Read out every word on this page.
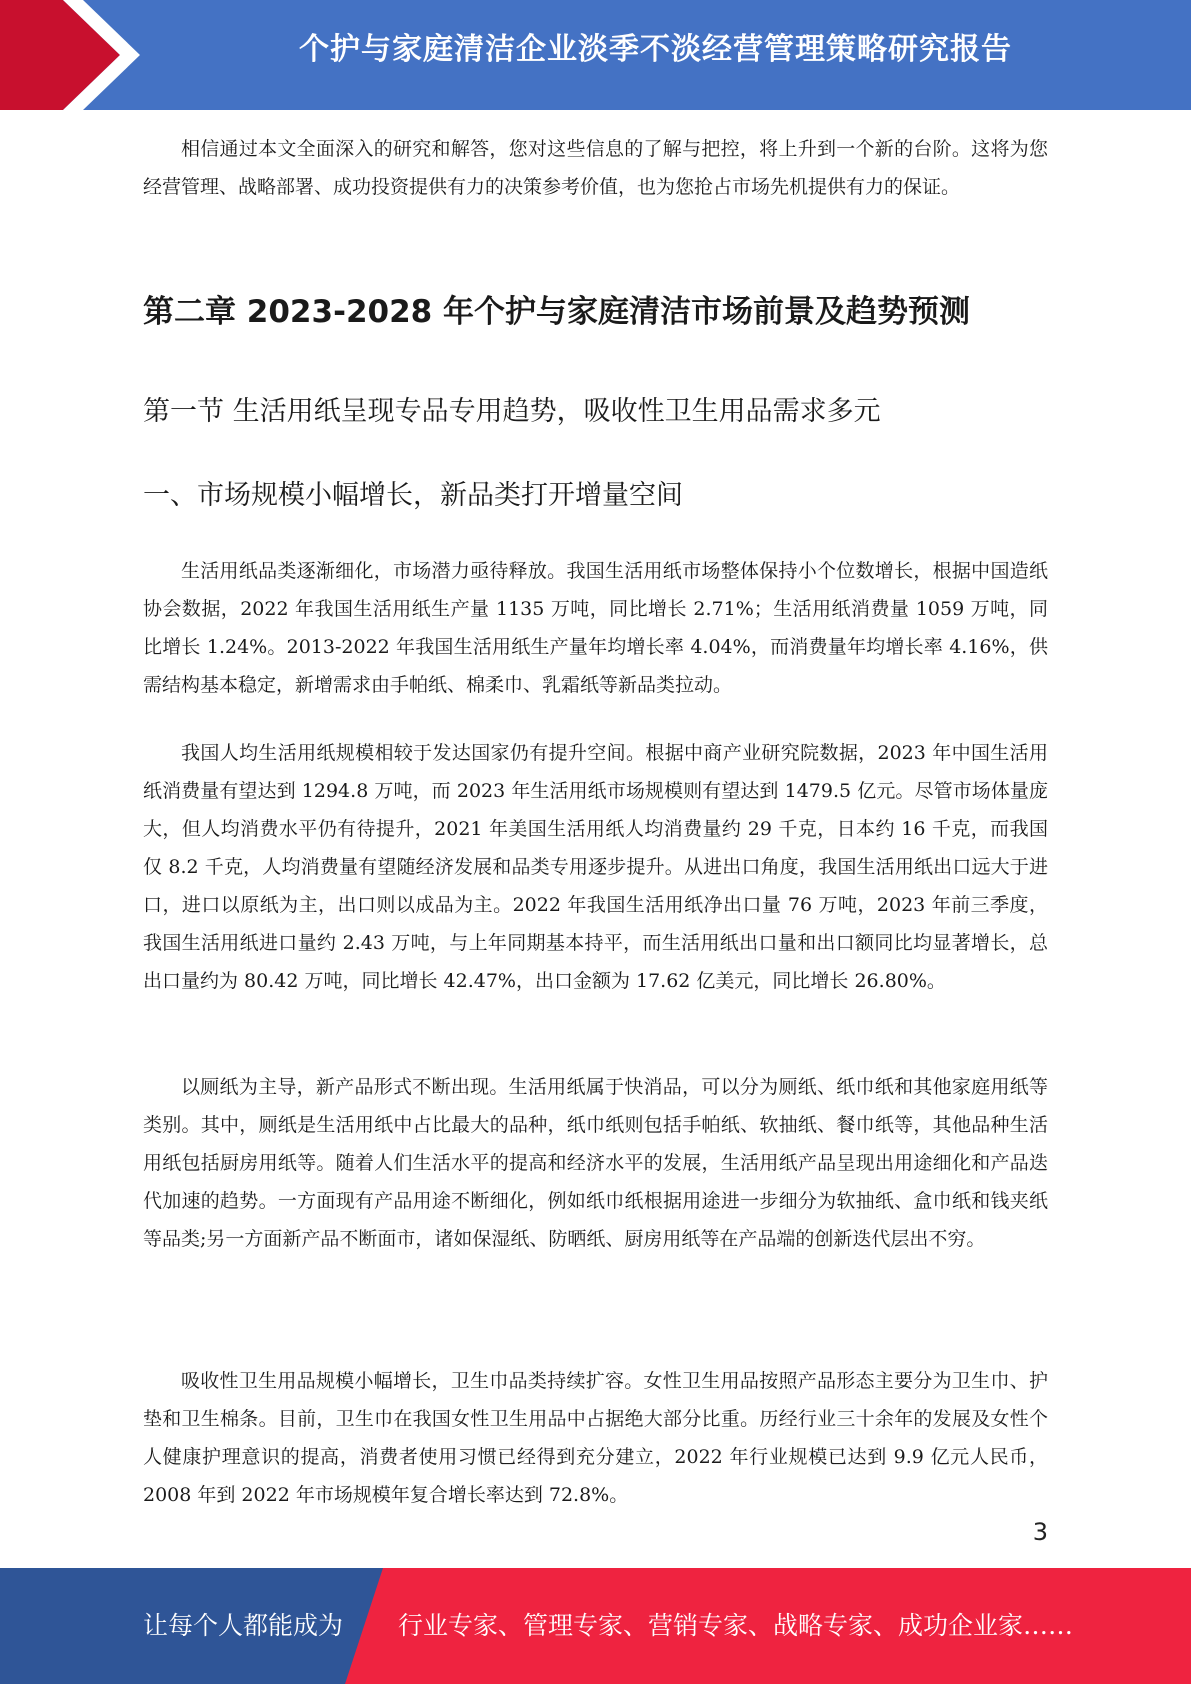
个护与家庭清洁企业淡季不淡经营管理策略研究报告

相信通过本文全面深入的研究和解答，您对这些信息的了解与把控，将上升到一个新的台阶。这将为您经营管理、战略部署、成功投资提供有力的决策参考价值，也为您抢占市场先机提供有力的保证。

第二章 2023-2028 年个护与家庭清洁市场前景及趋势预测
第一节 生活用纸呈现专品专用趋势，吸收性卫生用品需求多元
一、市场规模小幅增长，新品类打开增量空间

生活用纸品类逐渐细化，市场潜力亟待释放。我国生活用纸市场整体保持小个位数增长，根据中国造纸协会数据，2022 年我国生活用纸生产量 1135 万吨，同比增长 2.71%；生活用纸消费量 1059 万吨，同比增长 1.24%。2013-2022 年我国生活用纸生产量年均增长率 4.04%，而消费量年均增长率 4.16%，供需结构基本稳定，新增需求由手帕纸、棉柔巾、乳霜纸等新品类拉动。

我国人均生活用纸规模相较于发达国家仍有提升空间。根据中商产业研究院数据，2023 年中国生活用纸消费量有望达到 1294.8 万吨，而 2023 年生活用纸市场规模则有望达到 1479.5 亿元。尽管市场体量庞大，但人均消费水平仍有待提升，2021 年美国生活用纸人均消费量约 29 千克，日本约 16 千克，而我国仅 8.2 千克，人均消费量有望随经济发展和品类专用逐步提升。从进出口角度，我国生活用纸出口远大于进口，进口以原纸为主，出口则以成品为主。2022 年我国生活用纸净出口量 76 万吨，2023 年前三季度，我国生活用纸进口量约 2.43 万吨，与上年同期基本持平，而生活用纸出口量和出口额同比均显著增长，总出口量约为 80.42 万吨，同比增长 42.47%，出口金额为 17.62 亿美元，同比增长 26.80%。

以厕纸为主导，新产品形式不断出现。生活用纸属于快消品，可以分为厕纸、纸巾纸和其他家庭用纸等类别。其中，厕纸是生活用纸中占比最大的品种，纸巾纸则包括手帕纸、软抽纸、餐巾纸等，其他品种生活用纸包括厨房用纸等。随着人们生活水平的提高和经济水平的发展，生活用纸产品呈现出用途细化和产品迭代加速的趋势。一方面现有产品用途不断细化，例如纸巾纸根据用途进一步细分为软抽纸、盒巾纸和钱夹纸等品类;另一方面新产品不断面市，诸如保湿纸、防晒纸、厨房用纸等在产品端的创新迭代层出不穷。

吸收性卫生用品规模小幅增长，卫生巾品类持续扩容。女性卫生用品按照产品形态主要分为卫生巾、护垫和卫生棉条。目前，卫生巾在我国女性卫生用品中占据绝大部分比重。历经行业三十余年的发展及女性个人健康护理意识的提高，消费者使用习惯已经得到充分建立，2022 年行业规模已达到 9.9 亿元人民币，2008 年到 2022 年市场规模年复合增长率达到 72.8%。

3
让每个人都能成为 行业专家、管理专家、营销专家、战略专家、成功企业家……
